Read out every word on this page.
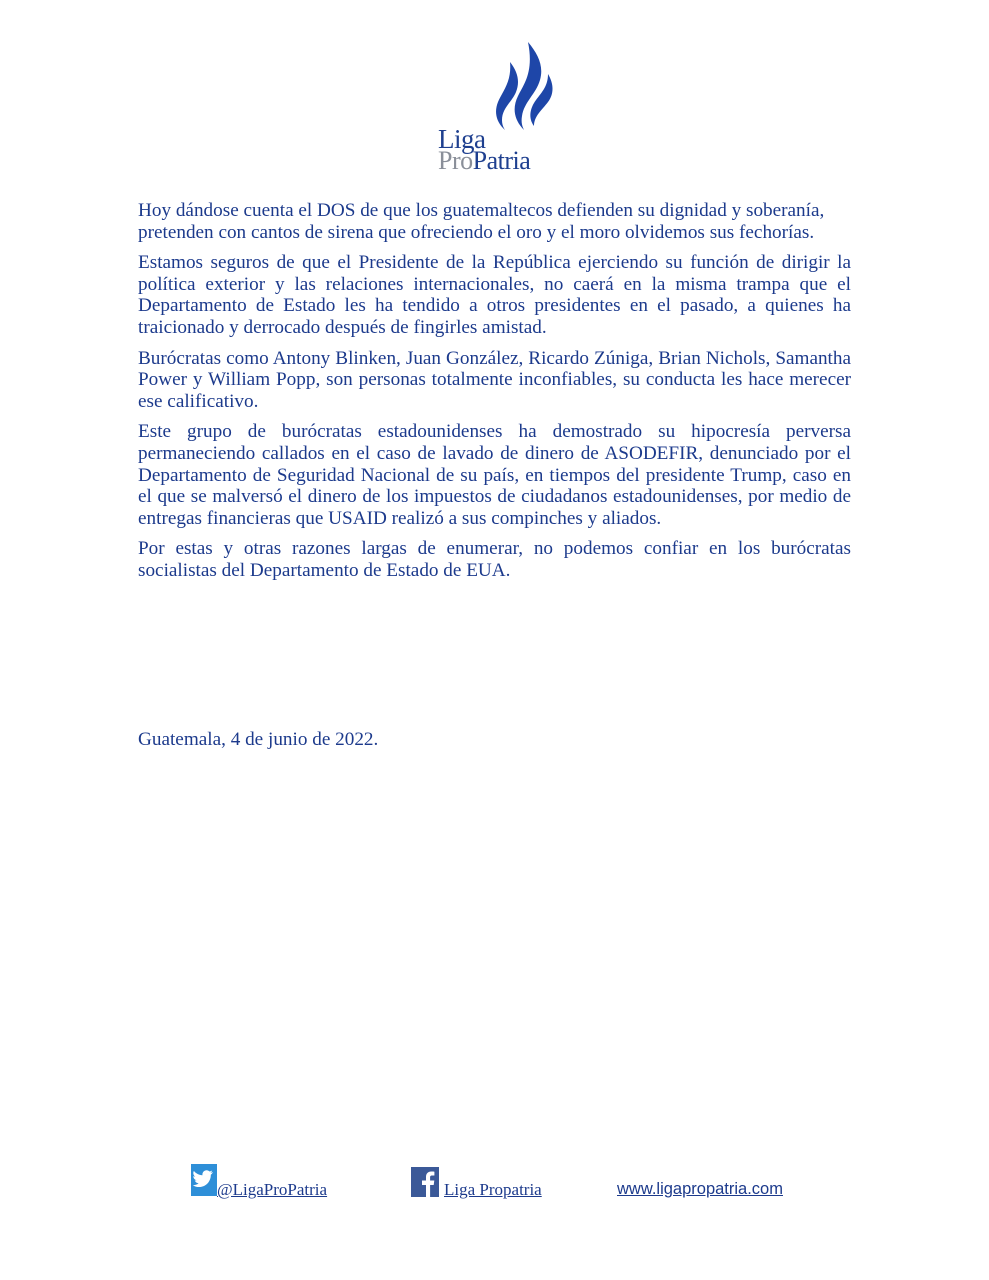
Liga
ProPatria

Hoy dándose cuenta el DOS de que los guatemaltecos defienden su dignidad y soberanía, pretenden con cantos de sirena que ofreciendo el oro y el moro olvidemos sus fechorías.

Estamos seguros de que el Presidente de la República ejerciendo su función de dirigir la política exterior y las relaciones internacionales, no caerá en la misma trampa que el Departamento de Estado les ha tendido a otros presidentes en el pasado, a quienes ha traicionado y derrocado después de fingirles amistad.

Burócratas como Antony Blinken, Juan González, Ricardo Zúniga, Brian Nichols, Samantha Power y William Popp, son personas totalmente inconfiables, su conducta les hace merecer ese calificativo.

Este grupo de burócratas estadounidenses ha demostrado su hipocresía perversa permaneciendo callados en el caso de lavado de dinero de ASODEFIR, denunciado por el Departamento de Seguridad Nacional de su país, en tiempos del presidente Trump, caso en el que se malversó el dinero de los impuestos de ciudadanos estadounidenses, por medio de entregas financieras que USAID realizó a sus compinches y aliados.

Por estas y otras razones largas de enumerar, no podemos confiar en los burócratas socialistas del Departamento de Estado de EUA.

Guatemala, 4 de junio de 2022.
@LigaProPatria	Liga Propatria	www.ligapropatria.com
